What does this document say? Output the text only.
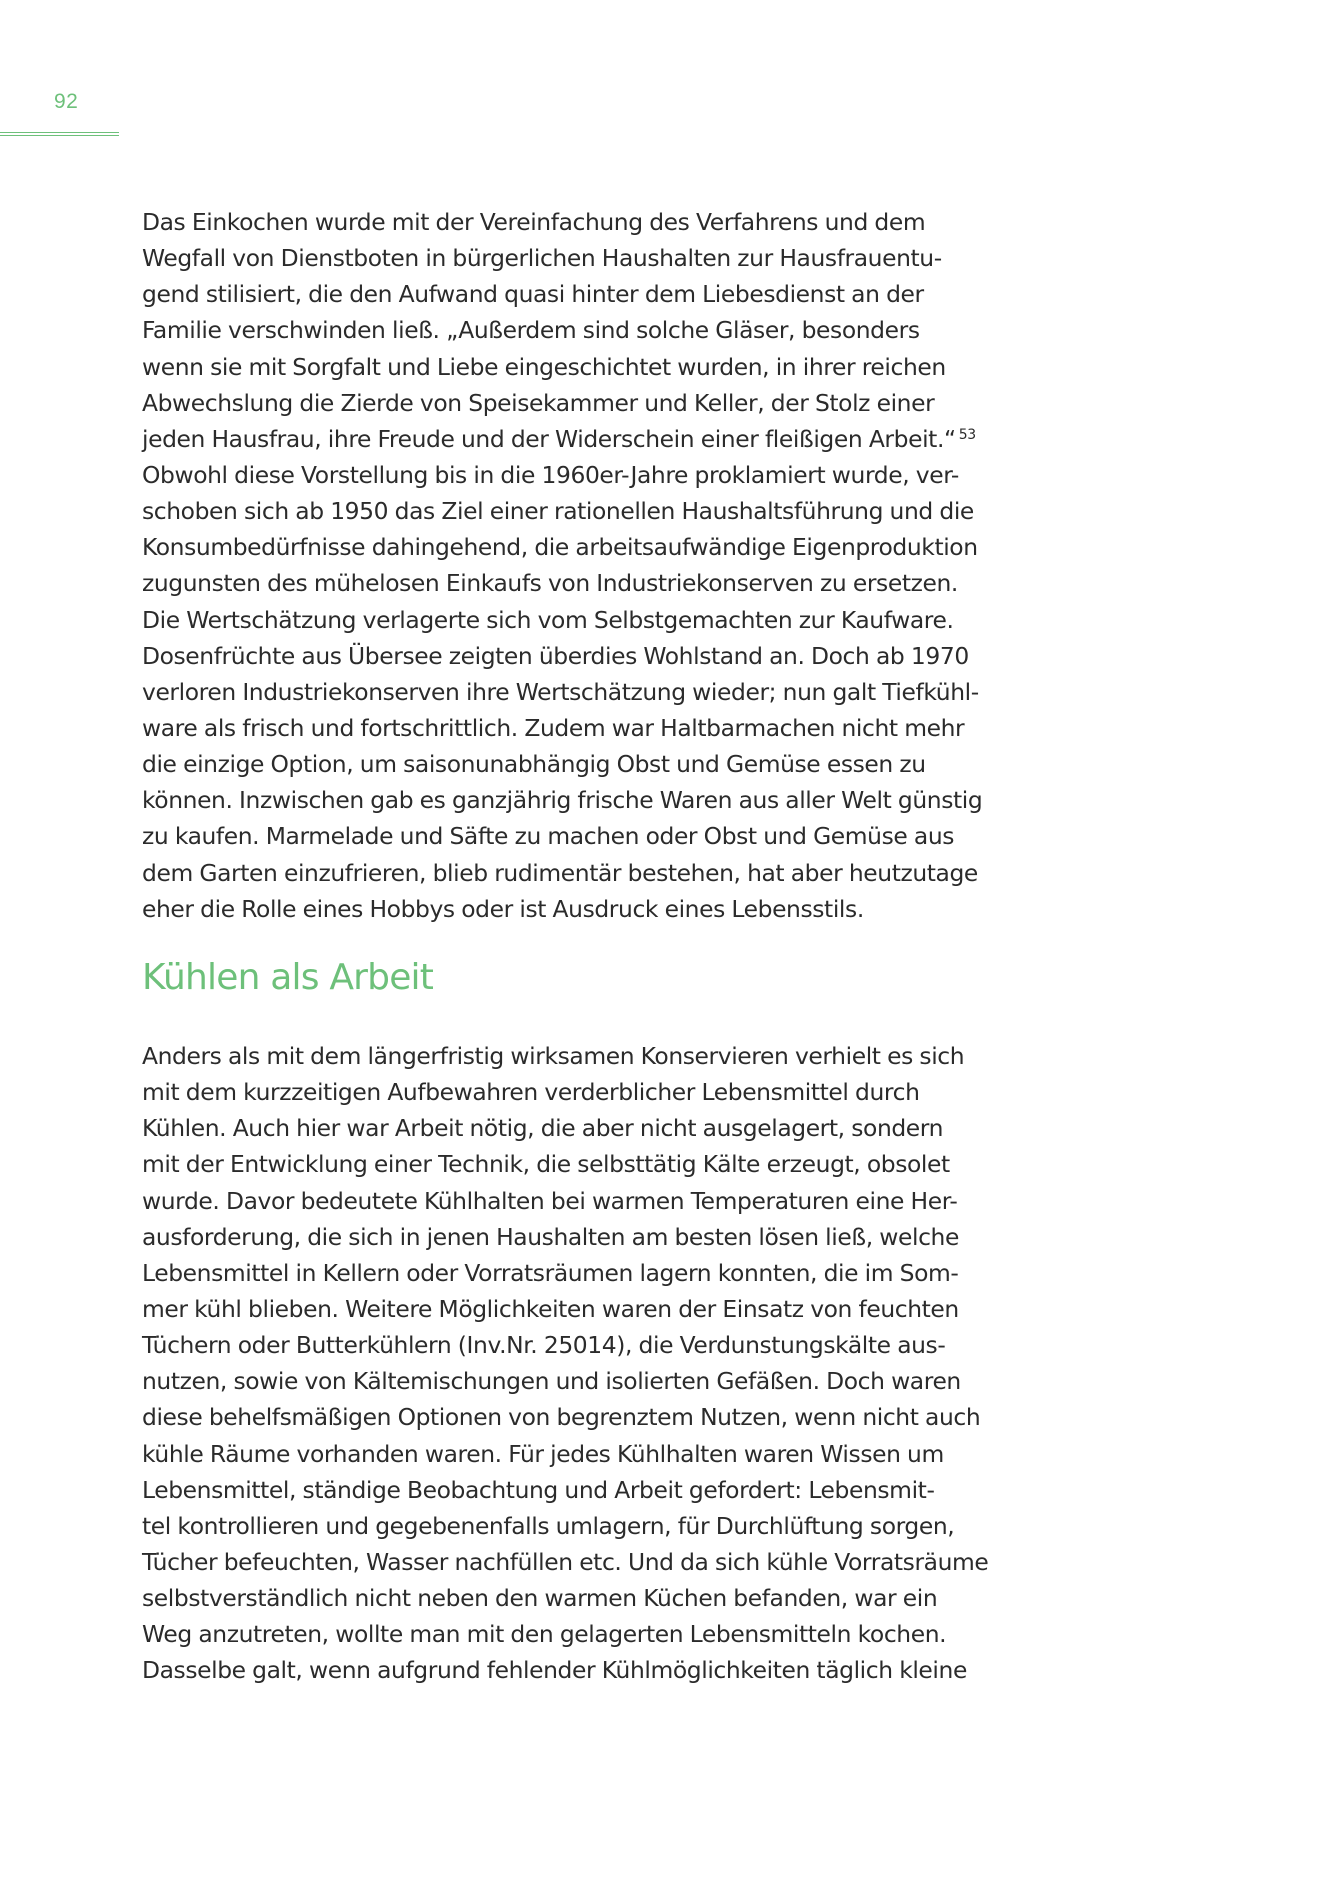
92

Das Einkochen wurde mit der Vereinfachung des Verfahrens und dem
Wegfall von Dienstboten in bürgerlichen Haushalten zur Hausfrauentu-
gend stilisiert, die den Aufwand quasi hinter dem Liebesdienst an der
Familie verschwinden ließ. „Außerdem sind solche Gläser, besonders
wenn sie mit Sorgfalt und Liebe eingeschichtet wurden, in ihrer reichen
Abwechslung die Zierde von Speisekammer und Keller, der Stolz einer
jeden Hausfrau, ihre Freude und der Widerschein einer fleißigen Arbeit.“ $^{53}$
Obwohl diese Vorstellung bis in die 1960er-Jahre proklamiert wurde, ver-
schoben sich ab 1950 das Ziel einer rationellen Haushaltsführung und die
Konsumbedürfnisse dahingehend, die arbeitsaufwändige Eigenproduktion
zugunsten des mühelosen Einkaufs von Industriekonserven zu ersetzen.
Die Wertschätzung verlagerte sich vom Selbstgemachten zur Kaufware.
Dosenfrüchte aus Übersee zeigten überdies Wohlstand an. Doch ab 1970
verloren Industriekonserven ihre Wertschätzung wieder; nun galt Tiefkühl-
ware als frisch und fortschrittlich. Zudem war Haltbarmachen nicht mehr
die einzige Option, um saisonunabhängig Obst und Gemüse essen zu
können. Inzwischen gab es ganzjährig frische Waren aus aller Welt günstig
zu kaufen. Marmelade und Säfte zu machen oder Obst und Gemüse aus
dem Garten einzufrieren, blieb rudimentär bestehen, hat aber heutzutage
eher die Rolle eines Hobbys oder ist Ausdruck eines Lebensstils.

Kühlen als Arbeit

Anders als mit dem längerfristig wirksamen Konservieren verhielt es sich
mit dem kurzzeitigen Aufbewahren verderblicher Lebensmittel durch
Kühlen. Auch hier war Arbeit nötig, die aber nicht ausgelagert, sondern
mit der Entwicklung einer Technik, die selbsttätig Kälte erzeugt, obsolet
wurde. Davor bedeutete Kühlhalten bei warmen Temperaturen eine Her-
ausforderung, die sich in jenen Haushalten am besten lösen ließ, welche
Lebensmittel in Kellern oder Vorratsräumen lagern konnten, die im Som-
mer kühl blieben. Weitere Möglichkeiten waren der Einsatz von feuchten
Tüchern oder Butterkühlern (Inv.Nr. 25014), die Verdunstungskälte aus-
nutzen, sowie von Kältemischungen und isolierten Gefäßen. Doch waren
diese behelfsmäßigen Optionen von begrenztem Nutzen, wenn nicht auch
kühle Räume vorhanden waren. Für jedes Kühlhalten waren Wissen um
Lebensmittel, ständige Beobachtung und Arbeit gefordert: Lebensmit-
tel kontrollieren und gegebenenfalls umlagern, für Durchlüftung sorgen,
Tücher befeuchten, Wasser nachfüllen etc. Und da sich kühle Vorratsräume
selbstverständlich nicht neben den warmen Küchen befanden, war ein
Weg anzutreten, wollte man mit den gelagerten Lebensmitteln kochen.
Dasselbe galt, wenn aufgrund fehlender Kühlmöglichkeiten täglich kleine
